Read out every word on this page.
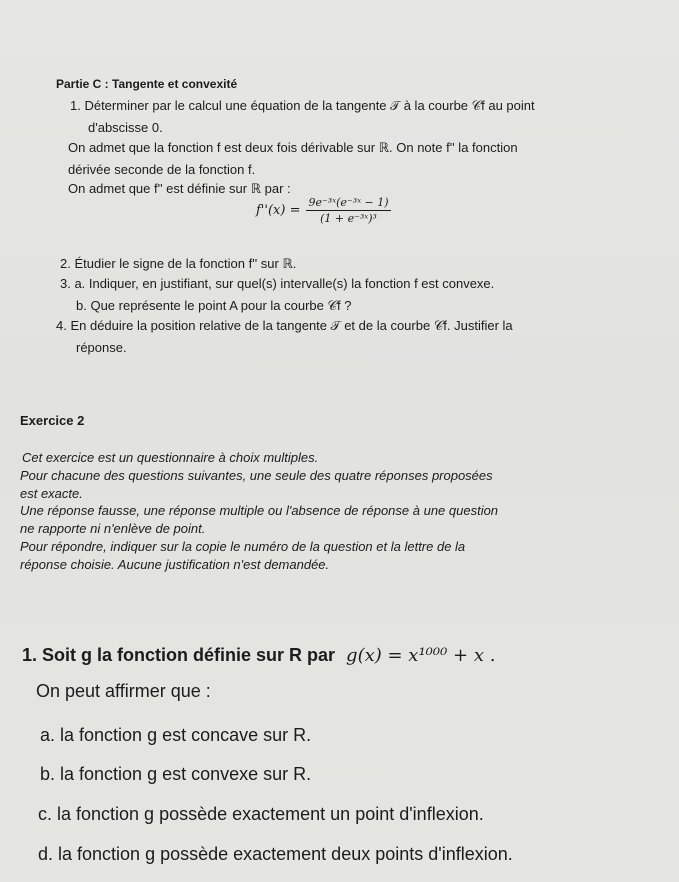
Partie C : Tangente et convexité
1. Déterminer par le calcul une équation de la tangente 𝒯 à la courbe 𝒞f au point
d'abscisse 0.
On admet que la fonction f est deux fois dérivable sur ℝ. On note f'' la fonction
dérivée seconde de la fonction f.
On admet que f'' est définie sur ℝ par :
$f''(x) = \frac{\text{9e⁻³ˣ(e⁻³ˣ − 1)}}{\text{(1 + e⁻³ˣ)³}}$
2. Étudier le signe de la fonction f'' sur ℝ.
3. a. Indiquer, en justifiant, sur quel(s) intervalle(s) la fonction f est convexe.
b. Que représente le point A pour la courbe 𝒞f ?
4. En déduire la position relative de la tangente 𝒯 et de la courbe 𝒞f. Justifier la
réponse.
Exercice 2
Cet exercice est un questionnaire à choix multiples.
Pour chacune des questions suivantes, une seule des quatre réponses proposées
est exacte.
Une réponse fausse, une réponse multiple ou l'absence de réponse à une question
ne rapporte ni n'enlève de point.
Pour répondre, indiquer sur la copie le numéro de la question et la lettre de la
réponse choisie. Aucune justification n'est demandée.
1. Soit g la fonction définie sur R par g(x) = x¹⁰⁰⁰ + x .
On peut affirmer que :
a. la fonction g est concave sur R.
b. la fonction g est convexe sur R.
c. la fonction g possède exactement un point d'inflexion.
d. la fonction g possède exactement deux points d'inflexion.
